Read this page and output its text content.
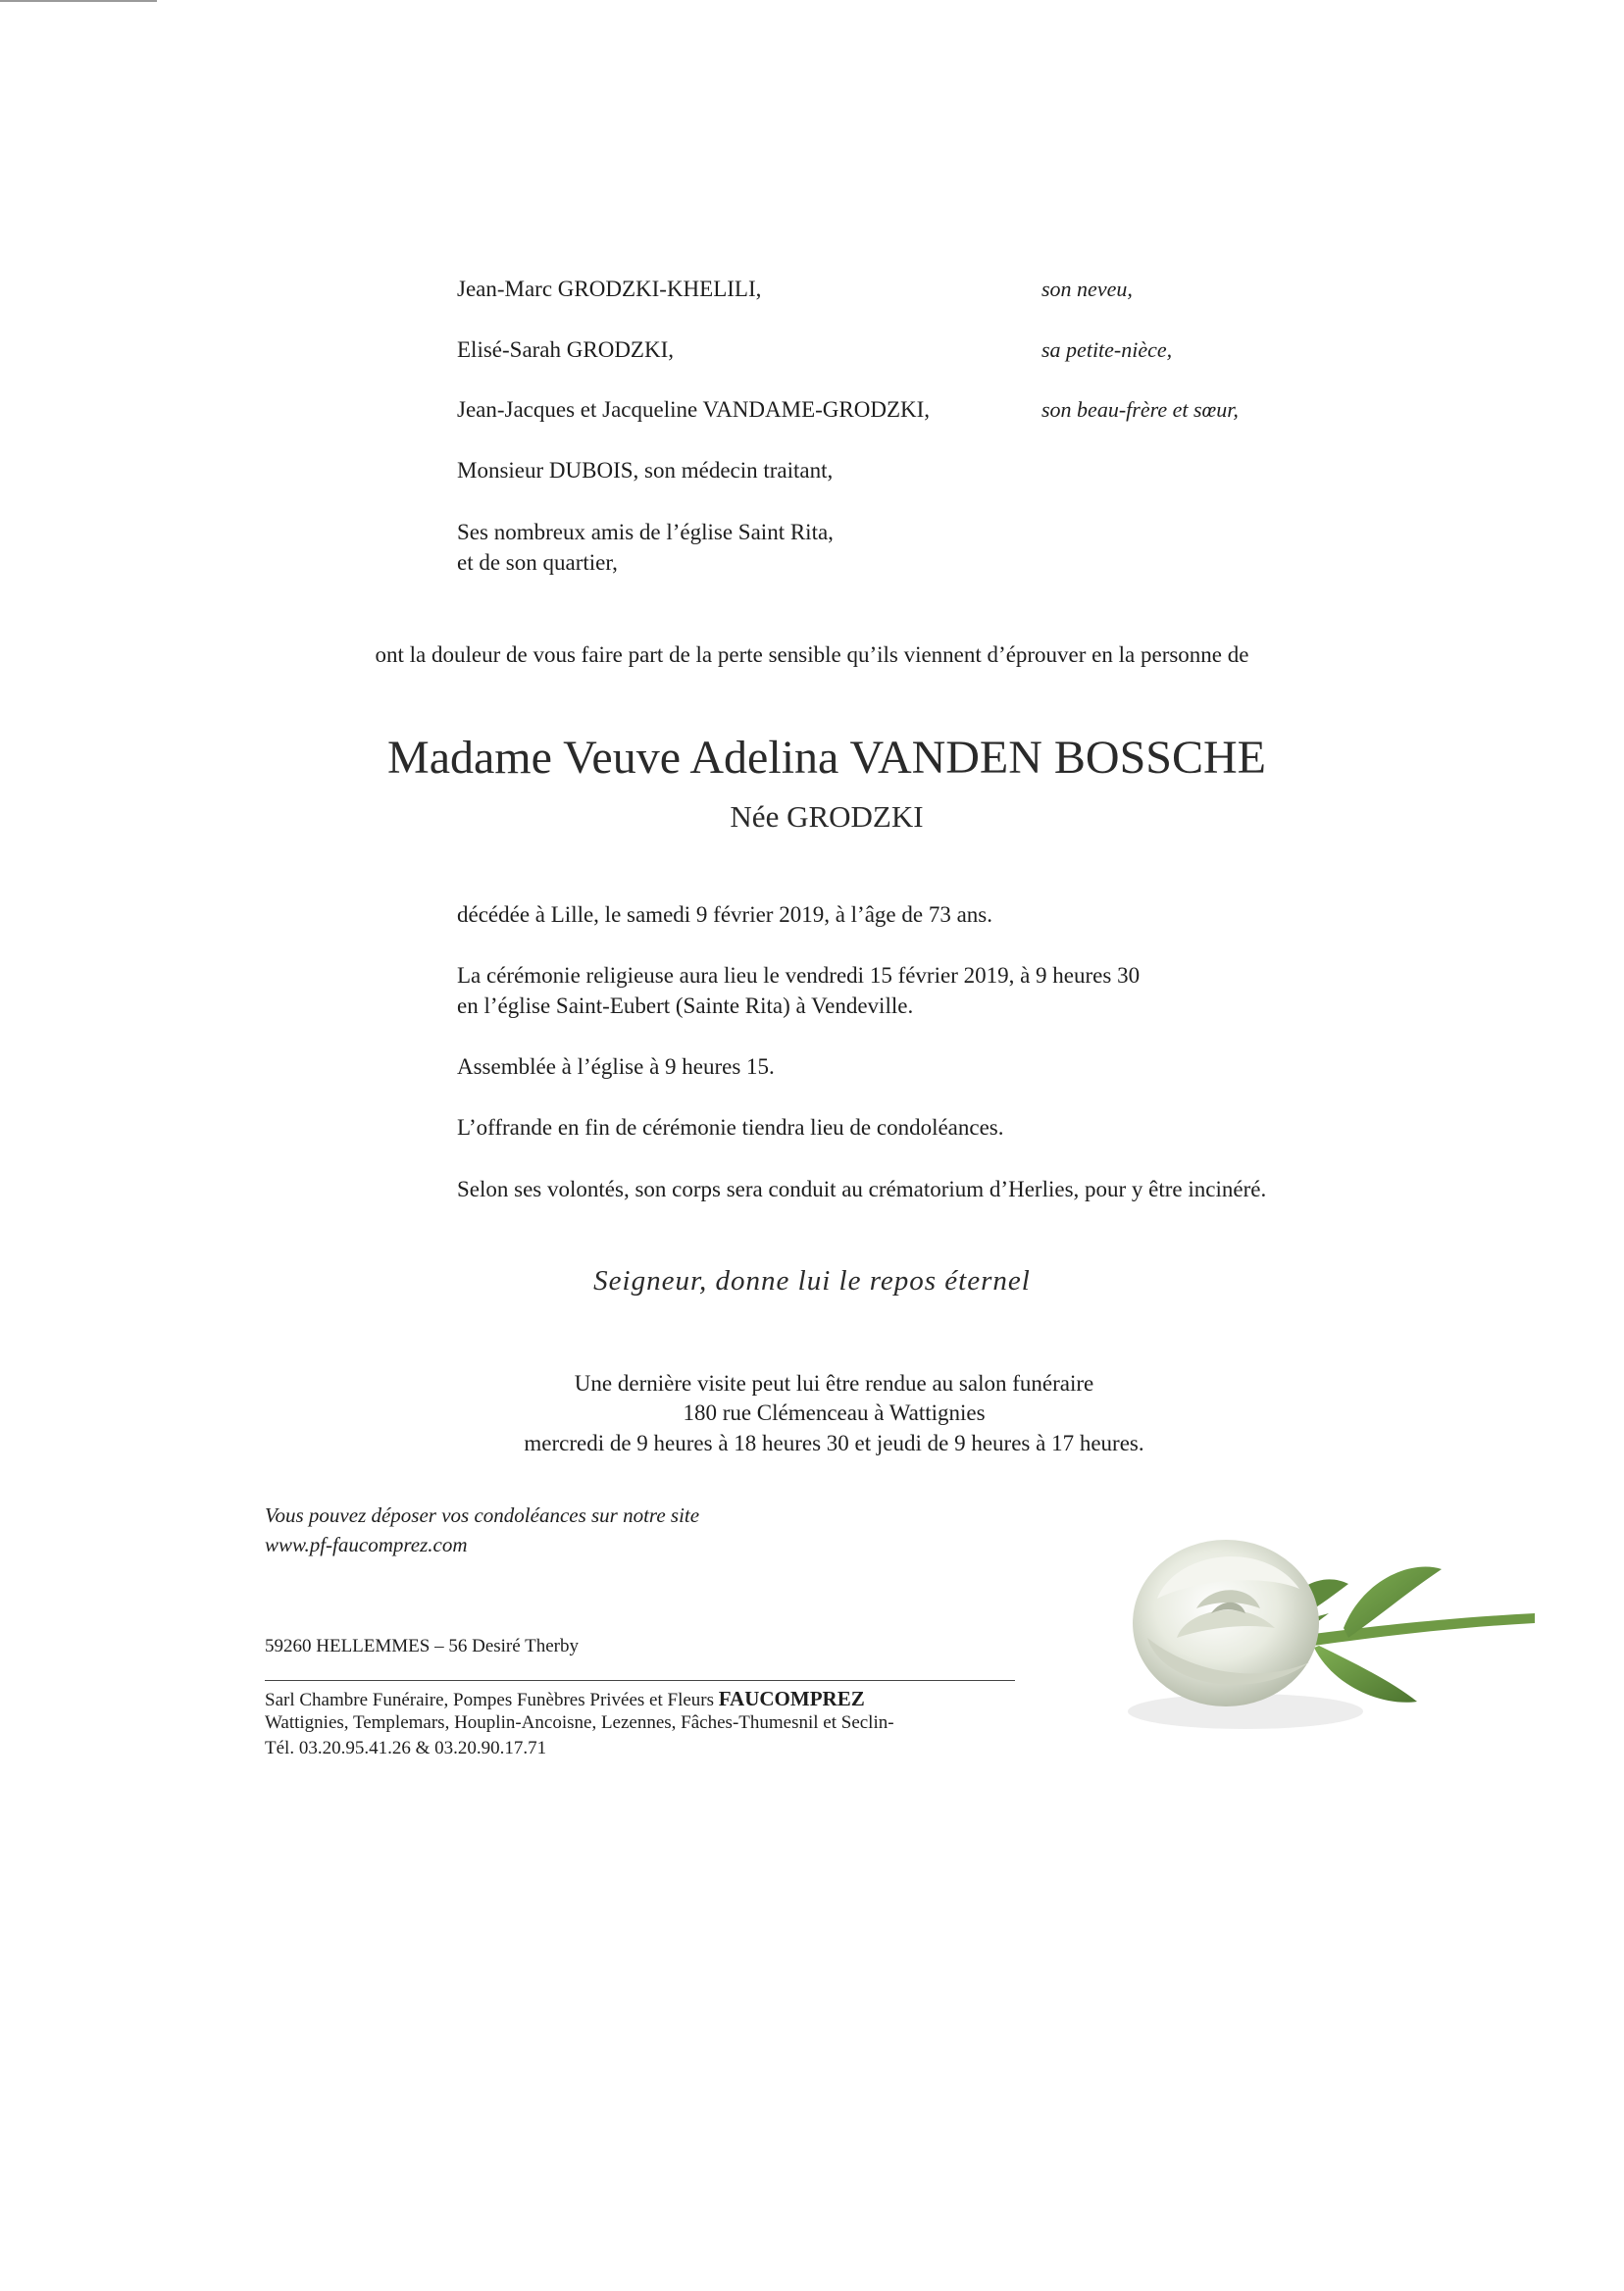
Jean-Marc GRODZKI-KHELILI,	son neveu,
Elisé-Sarah GRODZKI,	sa petite-nièce,
Jean-Jacques et Jacqueline VANDAME-GRODZKI,	son beau-frère et sœur,
Monsieur DUBOIS, son médecin traitant,
Ses nombreux amis de l’église Saint Rita,
et de son quartier,
ont la douleur de vous faire part de la perte sensible qu’ils viennent d’éprouver en la personne de
Madame Veuve Adelina VANDEN BOSSCHE
Née GRODZKI
décédée à Lille, le samedi 9 février 2019, à l’âge de 73 ans.
La cérémonie religieuse aura lieu le vendredi 15 février 2019, à 9 heures 30
en l’église Saint-Eubert (Sainte Rita) à Vendeville.
Assemblée à l’église à 9 heures 15.
L’offrande en fin de cérémonie tiendra lieu de condoléances.
Selon ses volontés, son corps sera conduit au crématorium d’Herlies, pour y être incinéré.
Seigneur, donne lui le repos éternel
Une dernière visite peut lui être rendue au salon funéraire
180 rue Clémenceau à Wattignies
mercredi de 9 heures à 18 heures 30 et jeudi de 9 heures à 17 heures.
Vous pouvez déposer vos condoléances sur notre site
www.pf-faucomprez.com
59260 HELLEMMES – 56 Desiré Therby
Sarl Chambre Funéraire, Pompes Funèbres Privées et Fleurs FAUCOMPREZ
Wattignies, Templemars, Houplin-Ancoisne, Lezennes, Fâches-Thumesnil et Seclin-
Tél. 03.20.95.41.26 & 03.20.90.17.71
